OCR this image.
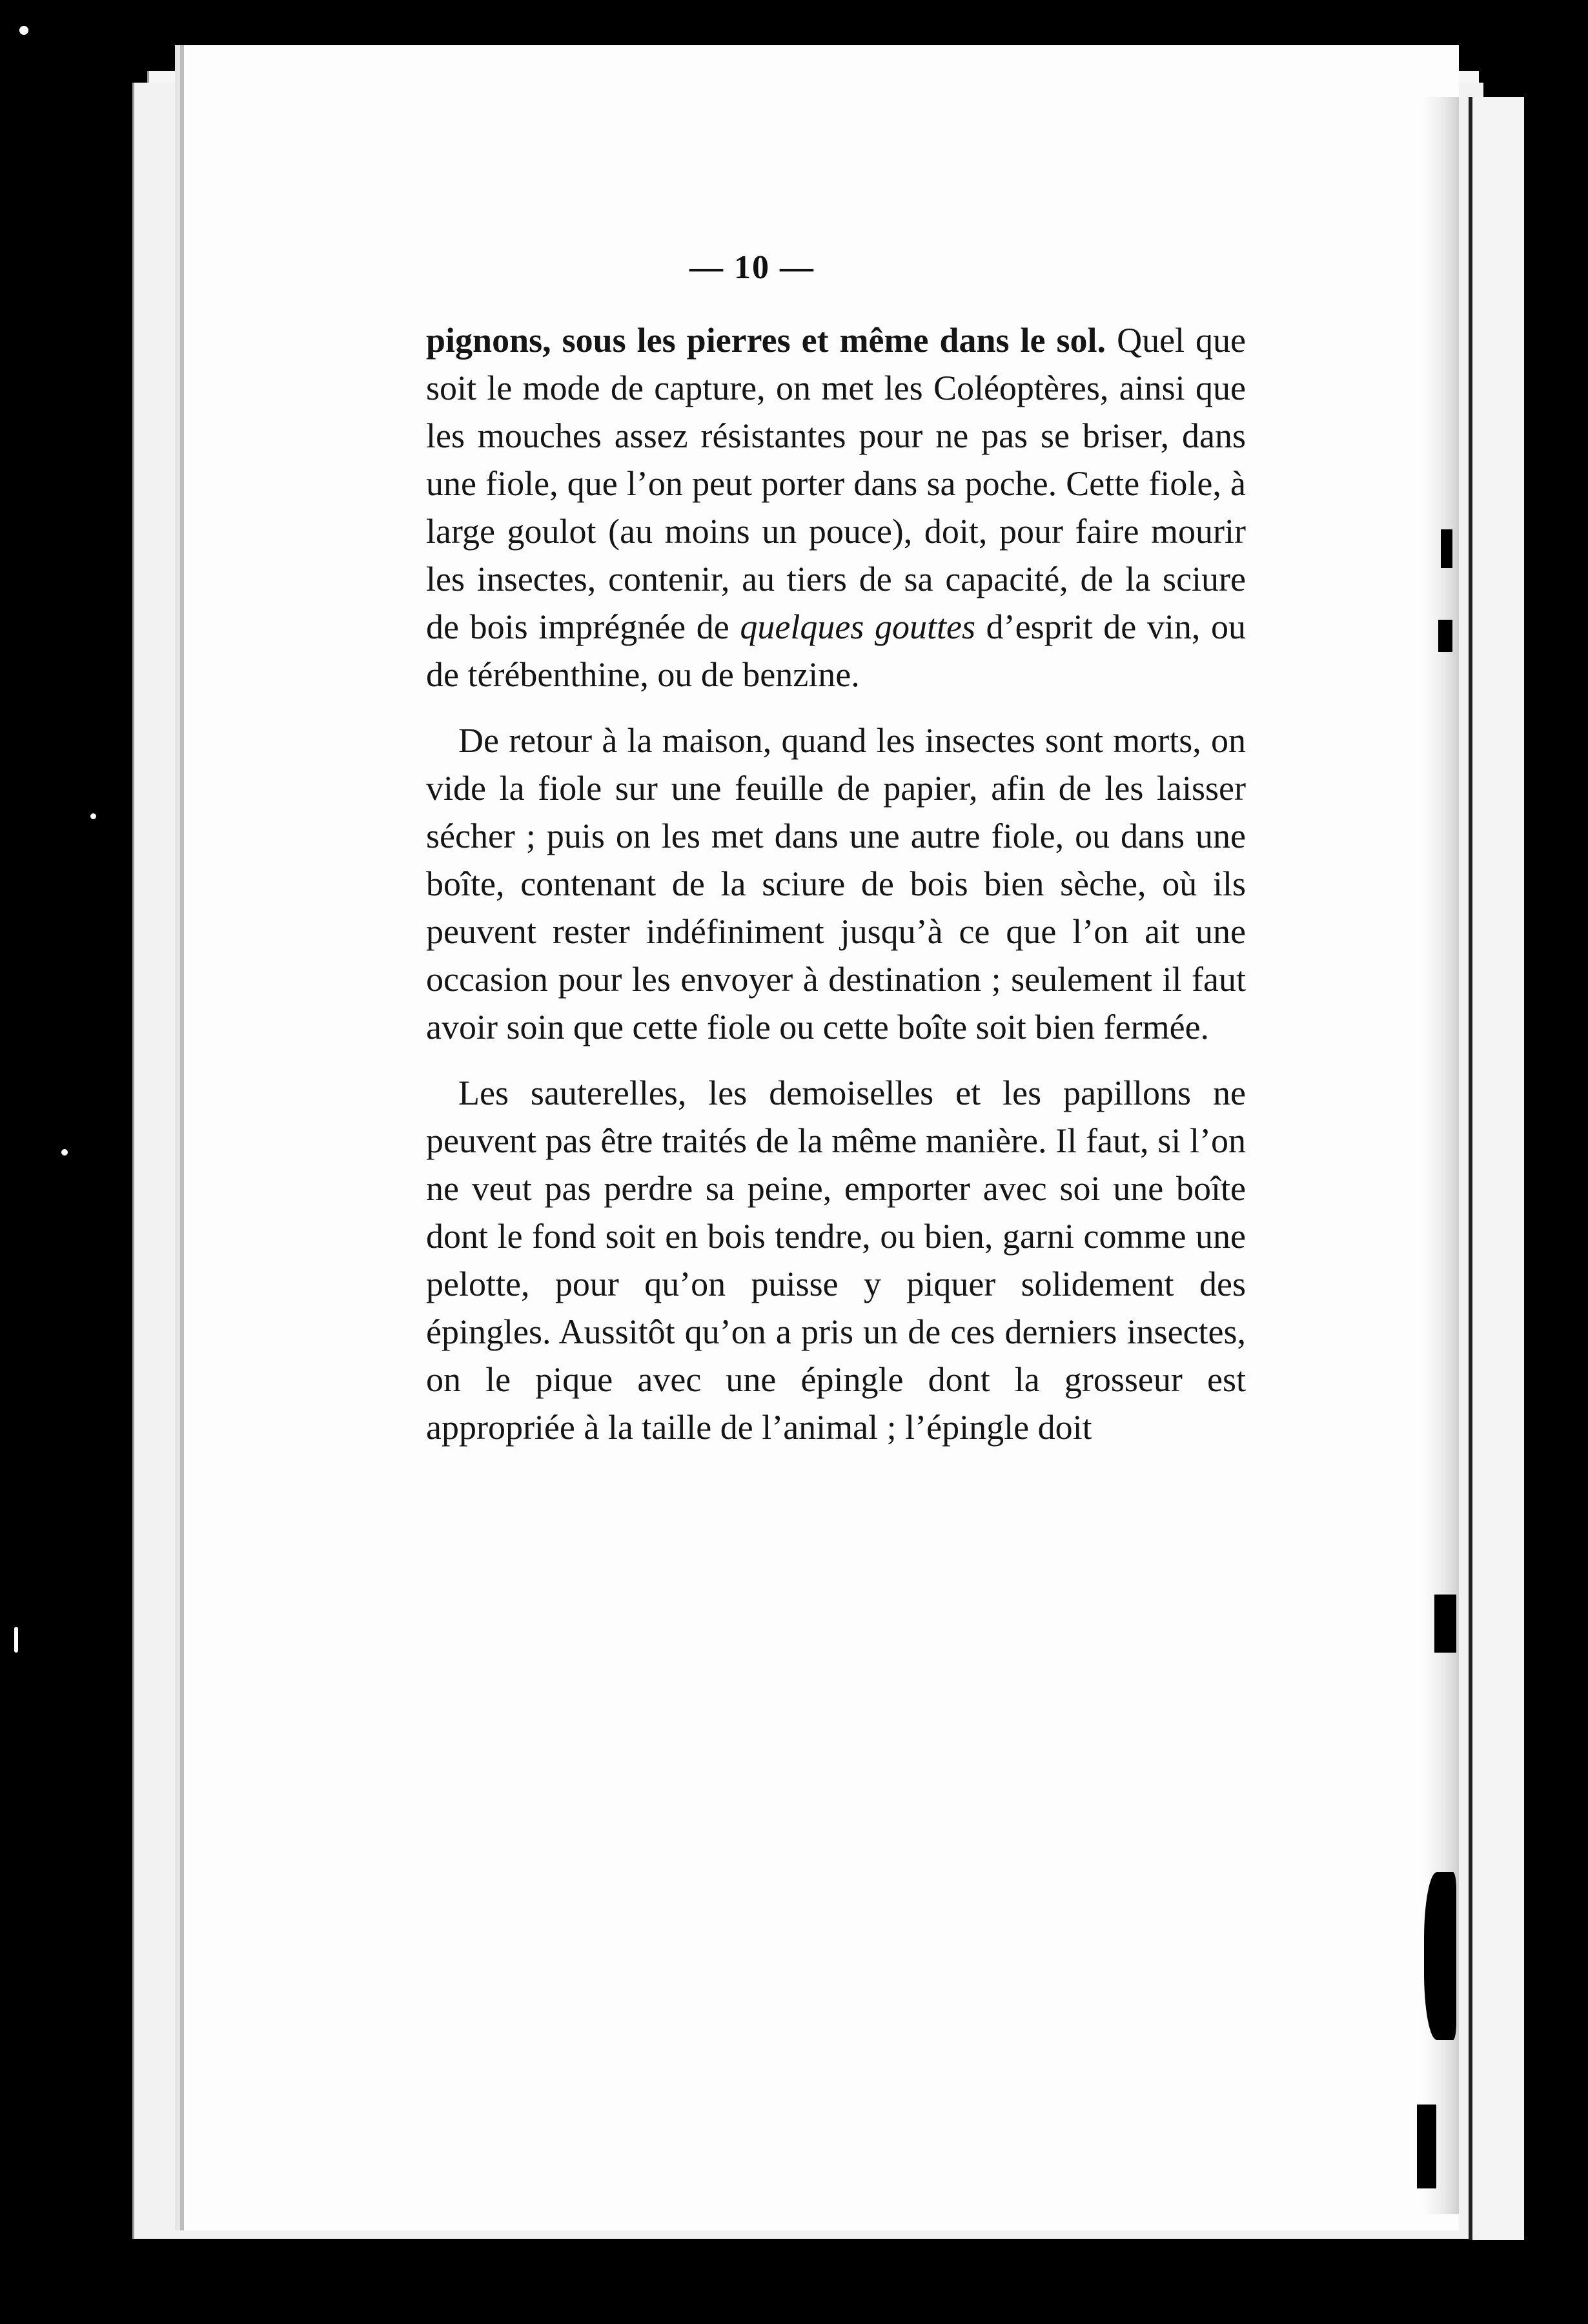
— 10 —

pignons, sous les pierres et même dans le sol. Quel que soit le mode de capture, on met les Coléoptères, ainsi que les mouches assez résistantes pour ne pas se briser, dans une fiole, que l’on peut porter dans sa poche. Cette fiole, à large goulot (au moins un pouce), doit, pour faire mourir les insectes, contenir, au tiers de sa capacité, de la sciure de bois imprégnée de quelques gouttes d’esprit de vin, ou de térébenthine, ou de benzine.

De retour à la maison, quand les insectes sont morts, on vide la fiole sur une feuille de papier, afin de les laisser sécher ; puis on les met dans une autre fiole, ou dans une boîte, contenant de la sciure de bois bien sèche, où ils peuvent rester indéfiniment jusqu’à ce que l’on ait une occasion pour les envoyer à destination ; seulement il faut avoir soin que cette fiole ou cette boîte soit bien fermée.

Les sauterelles, les demoiselles et les papillons ne peuvent pas être traités de la même manière. Il faut, si l’on ne veut pas perdre sa peine, emporter avec soi une boîte dont le fond soit en bois tendre, ou bien, garni comme une pelotte, pour qu’on puisse y piquer solidement des épingles. Aussitôt qu’on a pris un de ces derniers insectes, on le pique avec une épingle dont la grosseur est appropriée à la taille de l’animal ; l’épingle doit
